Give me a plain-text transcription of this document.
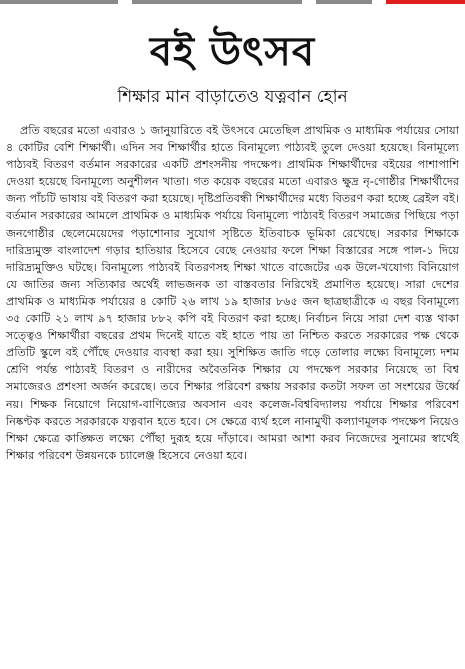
বই উৎসব
শিক্ষার মান বাড়াতেও যত্নবান হোন

প্রতি বছরের মতো এবারও ১ জানুয়ারিতে বই উৎসবে মেতেছিল প্রাথমিক ও মাধ্যমিক পর্যায়ের সোয়া ৪ কোটির বেশি শিক্ষার্থী। এদিন সব শিক্ষার্থীর হাতে বিনামূল্যে পাঠ্যবই তুলে দেওয়া হয়েছে। বিনামূল্যে পাঠ্যবই বিতরণ বর্তমান সরকারের একটি প্রশংসনীয় পদক্ষেপ। প্রাথমিক শিক্ষার্থীদের বইয়ের পাশাপাশি দেওয়া হয়েছে বিনামূল্যে অনুশীলন খাতা। গত কয়েক বছরের মতো এবারও ক্ষুদ্র নৃ-গোষ্ঠীর শিক্ষার্থীদের জন্য পাঁচটি ভাষায় বই বিতরণ করা হয়েছে। দৃষ্টিপ্রতিবন্ধী শিক্ষার্থীদের মধ্যে বিতরণ করা হচ্ছে ব্রেইল বই। বর্তমান সরকারের আমলে প্রাথমিক ও মাধ্যমিক পর্যায়ে বিনামূল্যে পাঠ্যবই বিতরণ সমাজের পিছিয়ে পড়া জনগোষ্ঠীর ছেলেমেয়েদের পড়াশোনার সুযোগ সৃষ্টিতে ইতিবাচক ভূমিকা রেখেছে। সরকার শিক্ষাকে দারিদ্র্যমুক্ত বাংলাদেশ গড়ার হাতিয়ার হিসেবে বেছে নেওয়ার ফলে শিক্ষা বিস্তারের সঙ্গে পাল-১ দিয়ে দারিদ্র্যমুক্তিও ঘটছে। বিনামূল্যে পাঠ্যবই বিতরণসহ শিক্ষা খাতে বাজেটের এক উলে-খযোগ্য বিনিয়োগ যে জাতির জন্য সত্যিকার অর্থেই লাভজনক তা বাস্তবতার নিরিখেই প্রমাণিত হয়েছে। সারা দেশের প্রাথমিক ও মাধ্যমিক পর্যায়ের ৪ কোটি ২৬ লাখ ১৯ হাজার ৮৬৫ জন ছাত্রছাত্রীকে এ বছর বিনামূল্যে ৩৫ কোটি ২১ লাখ ৯৭ হাজার ৮৮২ কপি বই বিতরণ করা হচ্ছে। নির্বাচন নিয়ে সারা দেশ ব্যস্ত থাকা সত্ত্বেও শিক্ষার্থীরা বছরের প্রথম দিনেই যাতে বই হাতে পায় তা নিশ্চিত করতে সরকারের পক্ষ থেকে প্রতিটি স্কুলে বই পৌঁছে দেওয়ার ব্যবস্থা করা হয়। সুশিক্ষিত জাতি গড়ে তোলার লক্ষ্যে বিনামূল্যে দশম শ্রেণি পর্যন্ত পাঠ্যবই বিতরণ ও নারীদের অবৈতনিক শিক্ষার যে পদক্ষেপ সরকার নিয়েছে তা বিশ্ব সমাজেরও প্রশংসা অর্জন করেছে। তবে শিক্ষার পরিবেশ রক্ষায় সরকার কতটা সফল তা সংশয়ের উর্ধ্বে নয়। শিক্ষক নিয়োগে নিয়োগ-বাণিজ্যের অবসান এবং কলেজ-বিশ্ববিদ্যালয় পর্যায়ে শিক্ষার পরিবেশ নিষ্কণ্টক করতে সরকারকে যত্নবান হতে হবে। সে ক্ষেত্রে ব্যর্থ হলে নানামুখী কল্যাণমূলক পদক্ষেপ নিয়েও শিক্ষা ক্ষেত্রে কাঙ্ক্ষিত লক্ষ্যে পৌঁছা দুরূহ হয়ে দাঁড়াবে। আমরা আশা করব নিজেদের সুনামের স্বার্থেই শিক্ষার পরিবেশ উন্নয়নকে চ্যালেঞ্জ হিসেবে নেওয়া হবে।
